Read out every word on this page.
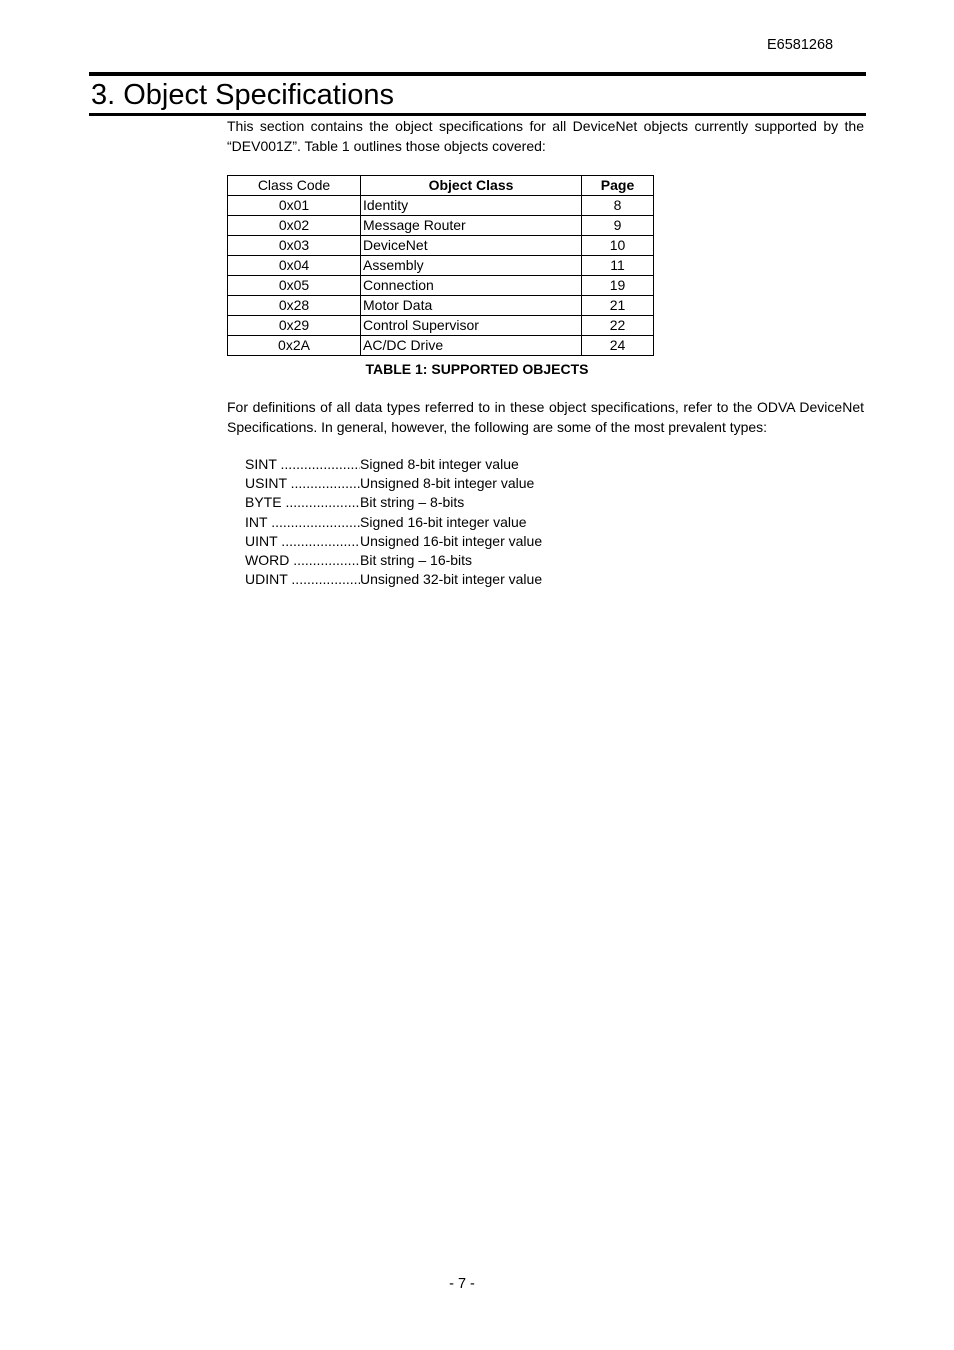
E6581268
3. Object Specifications
This section contains the object specifications for all DeviceNet objects currently supported by the “DEV001Z”. Table 1 outlines those objects covered:
Class Code	Object Class	Page
0x01	Identity	8
0x02	Message Router	9
0x03	DeviceNet	10
0x04	Assembly	11
0x05	Connection	19
0x28	Motor Data	21
0x29	Control Supervisor	22
0x2A	AC/DC Drive	24
TABLE 1: SUPPORTED OBJECTS
For definitions of all data types referred to in these object specifications, refer to the ODVA DeviceNet Specifications. In general, however, the following are some of the most prevalent types:
SINT .....	Signed 8-bit integer value
USINT .....	Unsigned 8-bit integer value
BYTE .....	Bit string – 8-bits
INT .....	Signed 16-bit integer value
UINT .....	Unsigned 16-bit integer value
WORD .....	Bit string – 16-bits
UDINT .....	Unsigned 32-bit integer value
- 7 -
